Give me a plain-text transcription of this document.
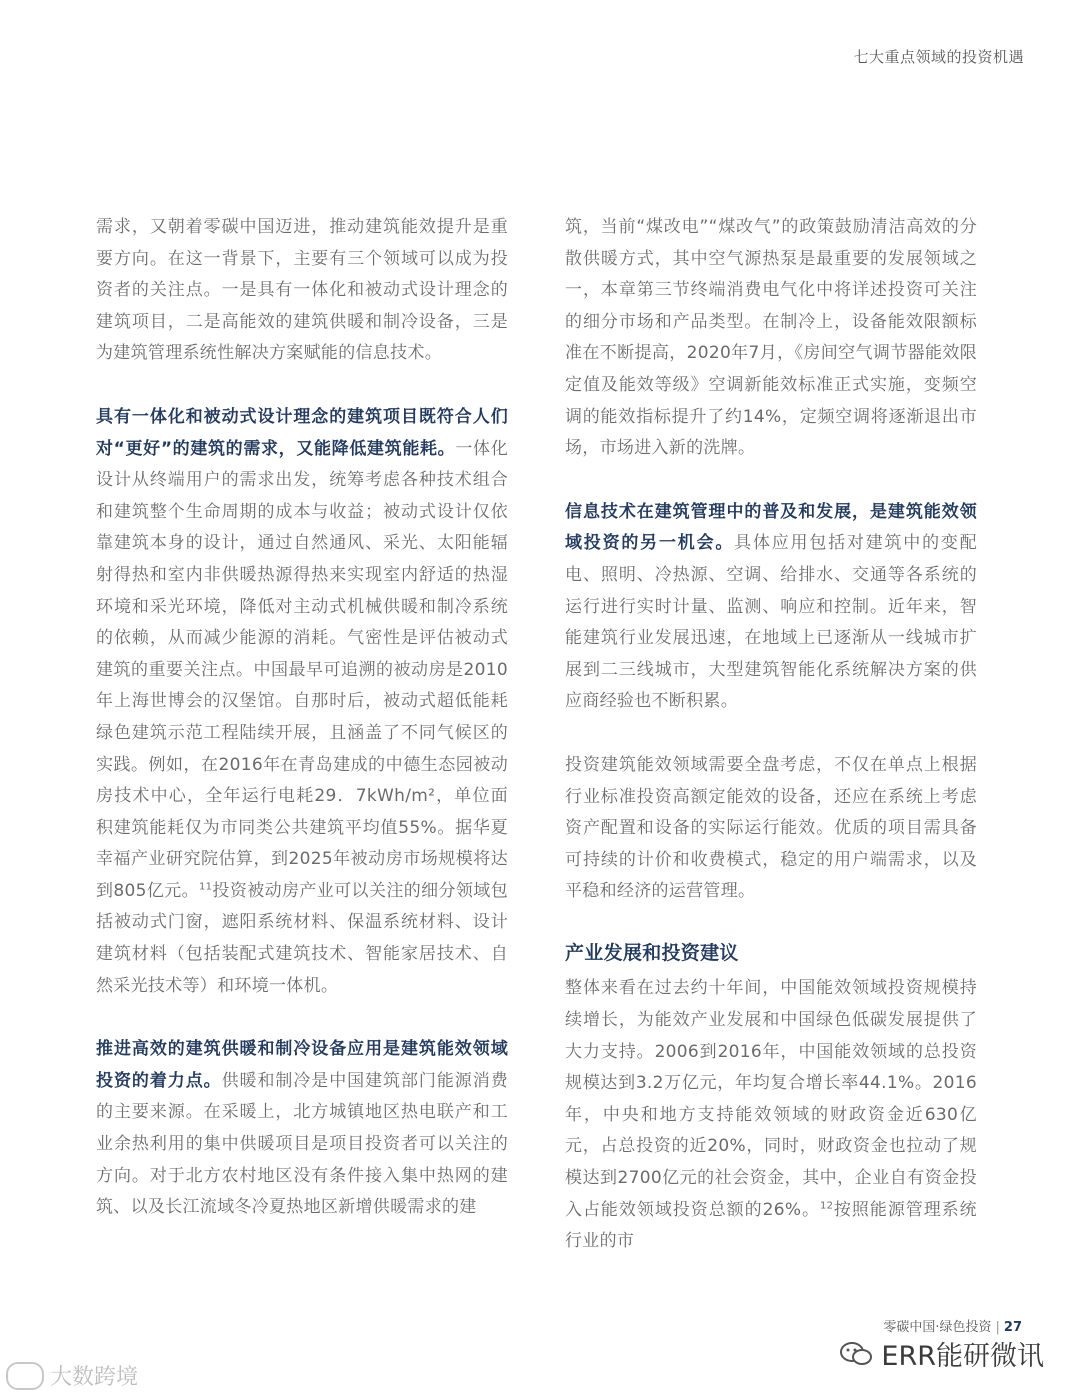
七大重点领域的投资机遇

需求，又朝着零碳中国迈进，推动建筑能效提升是重要方向。在这一背景下，主要有三个领域可以成为投资者的关注点。一是具有一体化和被动式设计理念的建筑项目，二是高能效的建筑供暖和制冷设备，三是为建筑管理系统性解决方案赋能的信息技术。

具有一体化和被动式设计理念的建筑项目既符合人们对“更好”的建筑的需求，又能降低建筑能耗。一体化设计从终端用户的需求出发，统筹考虑各种技术组合和建筑整个生命周期的成本与收益；被动式设计仅依靠建筑本身的设计，通过自然通风、采光、太阳能辐射得热和室内非供暖热源得热来实现室内舒适的热湿环境和采光环境，降低对主动式机械供暖和制冷系统的依赖，从而减少能源的消耗。气密性是评估被动式建筑的重要关注点。中国最早可追溯的被动房是2010年上海世博会的汉堡馆。自那时后，被动式超低能耗绿色建筑示范工程陆续开展，且涵盖了不同气候区的实践。例如，在2016年在青岛建成的中德生态园被动房技术中心，全年运行电耗29．7kWh/m²，单位面积建筑能耗仅为市同类公共建筑平均值55%。据华夏幸福产业研究院估算，到2025年被动房市场规模将达到805亿元。$^{11}$投资被动房产业可以关注的细分领域包括被动式门窗，遮阳系统材料、保温系统材料、设计建筑材料（包括装配式建筑技术、智能家居技术、自然采光技术等）和环境一体机。

推进高效的建筑供暖和制冷设备应用是建筑能效领域投资的着力点。供暖和制冷是中国建筑部门能源消费的主要来源。在采暖上，北方城镇地区热电联产和工业余热利用的集中供暖项目是项目投资者可以关注的方向。对于北方农村地区没有条件接入集中热网的建筑、以及长江流域冬冷夏热地区新增供暖需求的建

筑，当前“煤改电”“煤改气”的政策鼓励清洁高效的分散供暖方式，其中空气源热泵是最重要的发展领域之一，本章第三节终端消费电气化中将详述投资可关注的细分市场和产品类型。在制冷上，设备能效限额标准在不断提高，2020年7月，《房间空气调节器能效限定值及能效等级》空调新能效标准正式实施，变频空调的能效指标提升了约14%，定频空调将逐渐退出市场，市场进入新的洗牌。

信息技术在建筑管理中的普及和发展，是建筑能效领域投资的另一机会。具体应用包括对建筑中的变配电、照明、冷热源、空调、给排水、交通等各系统的运行进行实时计量、监测、响应和控制。近年来，智能建筑行业发展迅速，在地域上已逐渐从一线城市扩展到二三线城市，大型建筑智能化系统解决方案的供应商经验也不断积累。

投资建筑能效领域需要全盘考虑，不仅在单点上根据行业标准投资高额定能效的设备，还应在系统上考虑资产配置和设备的实际运行能效。优质的项目需具备可持续的计价和收费模式，稳定的用户端需求，以及平稳和经济的运营管理。

产业发展和投资建议

整体来看在过去约十年间，中国能效领域投资规模持续增长，为能效产业发展和中国绿色低碳发展提供了大力支持。2006到2016年，中国能效领域的总投资规模达到3.2万亿元，年均复合增长率44.1%。2016年，中央和地方支持能效领域的财政资金近630亿元，占总投资的近20%，同时，财政资金也拉动了规模达到2700亿元的社会资金，其中，企业自有资金投入占能效领域投资总额的26%。$^{12}$按照能源管理系统行业的市

零碳中国·绿色投资 | 27
大数跨境
ERR能研微讯
